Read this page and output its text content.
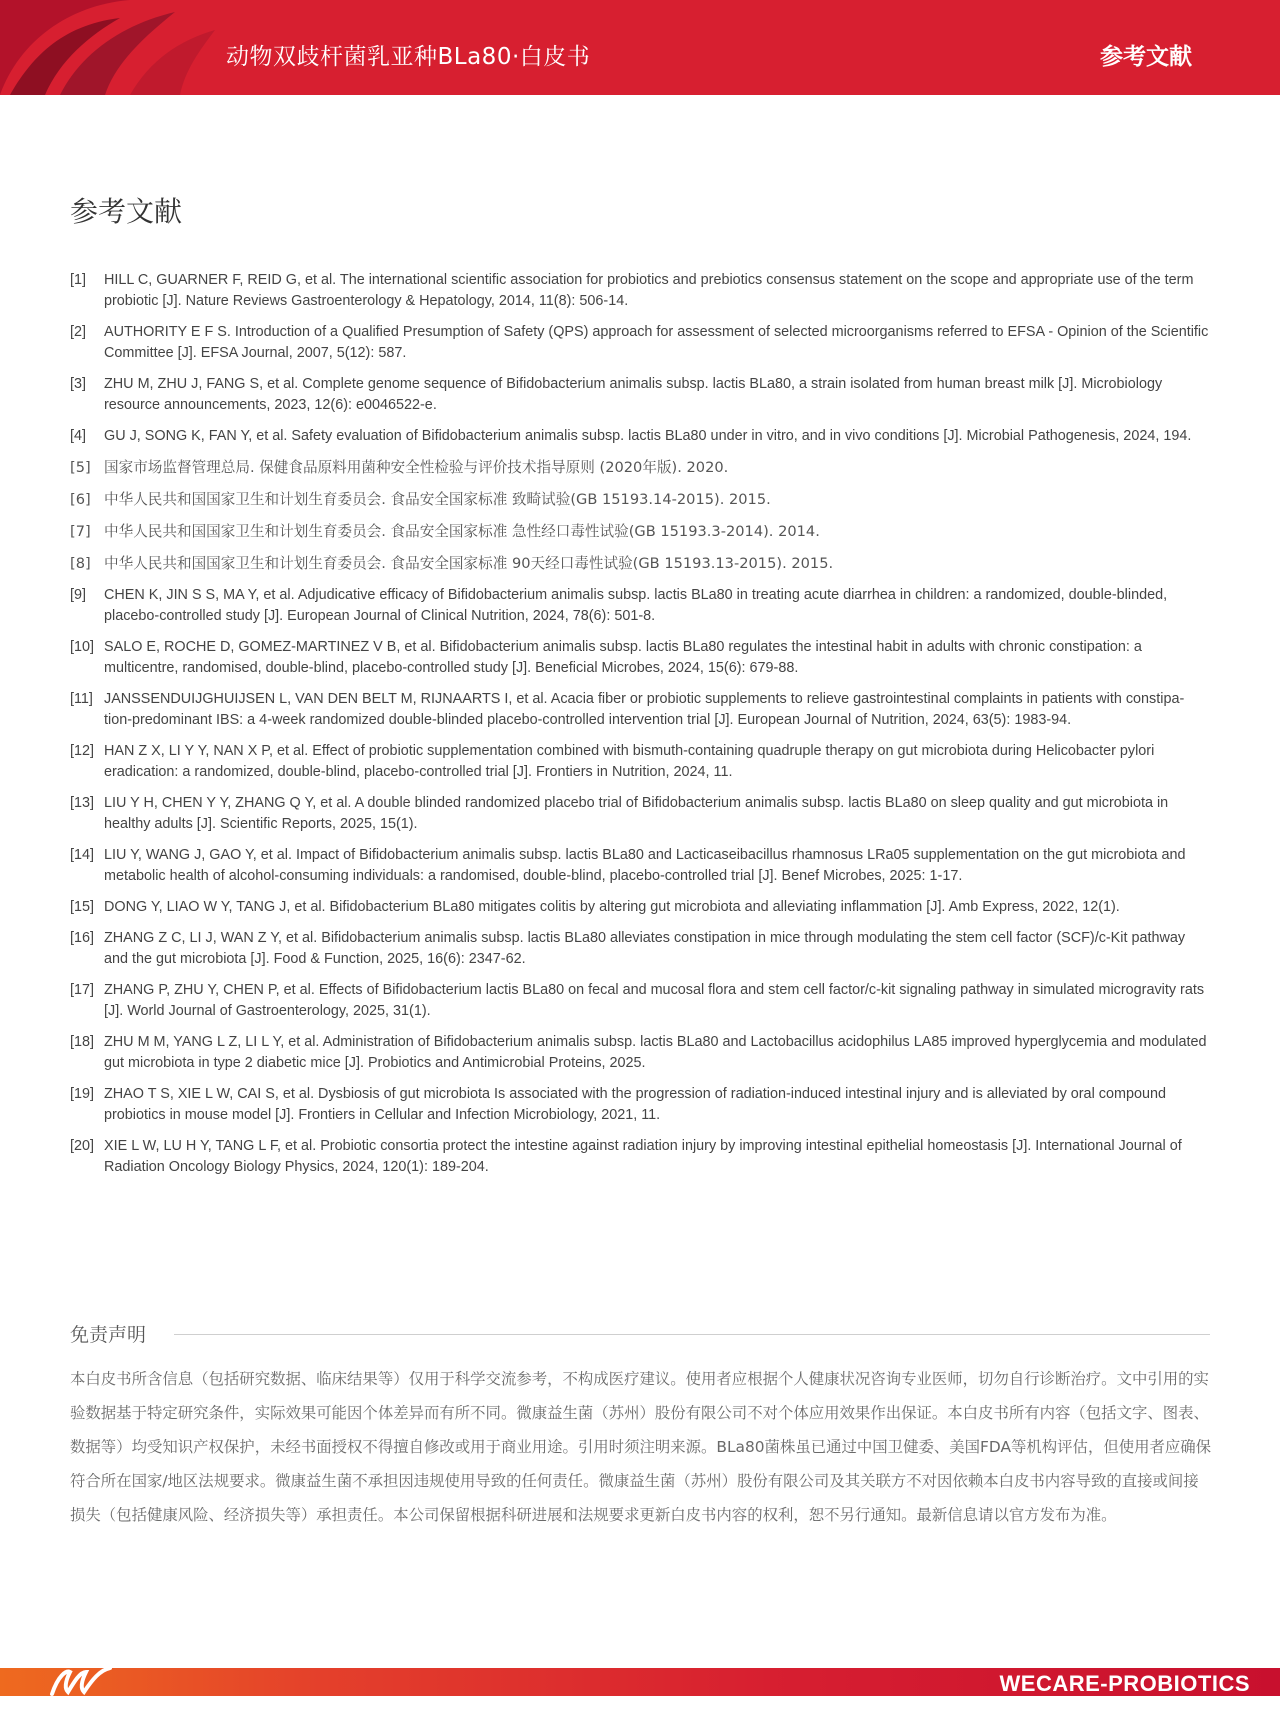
动物双歧杆菌乳亚种BLa80·白皮书	参考文献
参考文献
[1] HILL C, GUARNER F, REID G, et al. The international scientific association for probiotics and prebiotics consensus statement on the scope and appropriate use of the term probiotic [J]. Nature Reviews Gastroenterology & Hepatology, 2014, 11(8): 506-14.
[2] AUTHORITY E F S. Introduction of a Qualified Presumption of Safety (QPS) approach for assessment of selected microorganisms referred to EFSA - Opinion of the Scientific Committee [J]. EFSA Journal, 2007, 5(12): 587.
[3] ZHU M, ZHU J, FANG S, et al. Complete genome sequence of Bifidobacterium animalis subsp. lactis BLa80, a strain isolated from human breast milk [J]. Microbiology resource announcements, 2023, 12(6): e0046522-e.
[4] GU J, SONG K, FAN Y, et al. Safety evaluation of Bifidobacterium animalis subsp. lactis BLa80 under in vitro, and in vivo conditions [J]. Microbial Pathogenesis, 2024, 194.
[5] 国家市场监督管理总局. 保健食品原料用菌种安全性检验与评价技术指导原则 (2020年版). 2020.
[6] 中华人民共和国国家卫生和计划生育委员会. 食品安全国家标准 致畸试验(GB 15193.14-2015). 2015.
[7] 中华人民共和国国家卫生和计划生育委员会. 食品安全国家标准 急性经口毒性试验(GB 15193.3-2014). 2014.
[8] 中华人民共和国国家卫生和计划生育委员会. 食品安全国家标准 90天经口毒性试验(GB 15193.13-2015). 2015.
[9] CHEN K, JIN S S, MA Y, et al. Adjudicative efficacy of Bifidobacterium animalis subsp. lactis BLa80 in treating acute diarrhea in children: a randomized, double-blinded, placebo-controlled study [J]. European Journal of Clinical Nutrition, 2024, 78(6): 501-8.
[10] SALO E, ROCHE D, GOMEZ-MARTINEZ V B, et al. Bifidobacterium animalis subsp. lactis BLa80 regulates the intestinal habit in adults with chronic constipation: a multicentre, randomised, double-blind, placebo-controlled study [J]. Beneficial Microbes, 2024, 15(6): 679-88.
[11] JANSSENDUIJGHUIJSEN L, VAN DEN BELT M, RIJNAARTS I, et al. Acacia fiber or probiotic supplements to relieve gastrointestinal complaints in patients with constipa-tion-predominant IBS: a 4-week randomized double-blinded placebo-controlled intervention trial [J]. European Journal of Nutrition, 2024, 63(5): 1983-94.
[12] HAN Z X, LI Y Y, NAN X P, et al. Effect of probiotic supplementation combined with bismuth-containing quadruple therapy on gut microbiota during Helicobacter pylori eradication: a randomized, double-blind, placebo-controlled trial [J]. Frontiers in Nutrition, 2024, 11.
[13] LIU Y H, CHEN Y Y, ZHANG Q Y, et al. A double blinded randomized placebo trial of Bifidobacterium animalis subsp. lactis BLa80 on sleep quality and gut microbiota in healthy adults [J]. Scientific Reports, 2025, 15(1).
[14] LIU Y, WANG J, GAO Y, et al. Impact of Bifidobacterium animalis subsp. lactis BLa80 and Lacticaseibacillus rhamnosus LRa05 supplementation on the gut microbiota and metabolic health of alcohol-consuming individuals: a randomised, double-blind, placebo-controlled trial [J]. Benef Microbes, 2025: 1-17.
[15] DONG Y, LIAO W Y, TANG J, et al. Bifidobacterium BLa80 mitigates colitis by altering gut microbiota and alleviating inflammation [J]. Amb Express, 2022, 12(1).
[16] ZHANG Z C, LI J, WAN Z Y, et al. Bifidobacterium animalis subsp. lactis BLa80 alleviates constipation in mice through modulating the stem cell factor (SCF)/c-Kit pathway and the gut microbiota [J]. Food & Function, 2025, 16(6): 2347-62.
[17] ZHANG P, ZHU Y, CHEN P, et al. Effects of Bifidobacterium lactis BLa80 on fecal and mucosal flora and stem cell factor/c-kit signaling pathway in simulated microgravity rats [J]. World Journal of Gastroenterology, 2025, 31(1).
[18] ZHU M M, YANG L Z, LI L Y, et al. Administration of Bifidobacterium animalis subsp. lactis BLa80 and Lactobacillus acidophilus LA85 improved hyperglycemia and modulated gut microbiota in type 2 diabetic mice [J]. Probiotics and Antimicrobial Proteins, 2025.
[19] ZHAO T S, XIE L W, CAI S, et al. Dysbiosis of gut microbiota Is associated with the progression of radiation-induced intestinal injury and is alleviated by oral compound probiotics in mouse model [J]. Frontiers in Cellular and Infection Microbiology, 2021, 11.
[20] XIE L W, LU H Y, TANG L F, et al. Probiotic consortia protect the intestine against radiation injury by improving intestinal epithelial homeostasis [J]. International Journal of Radiation Oncology Biology Physics, 2024, 120(1): 189-204.
免责声明

本白皮书所含信息（包括研究数据、临床结果等）仅用于科学交流参考，不构成医疗建议。使用者应根据个人健康状况咨询专业医师，切勿自行诊断治疗。文中引用的实验数据基于特定研究条件，实际效果可能因个体差异而有所不同。微康益生菌（苏州）股份有限公司不对个体应用效果作出保证。本白皮书所有内容（包括文字、图表、数据等）均受知识产权保护，未经书面授权不得擅自修改或用于商业用途。引用时须注明来源。BLa80菌株虽已通过中国卫健委、美国FDA等机构评估，但使用者应确保符合所在国家/地区法规要求。微康益生菌不承担因违规使用导致的任何责任。微康益生菌（苏州）股份有限公司及其关联方不对因依赖本白皮书内容导致的直接或间接损失（包括健康风险、经济损失等）承担责任。本公司保留根据科研进展和法规要求更新白皮书内容的权利，恕不另行通知。最新信息请以官方发布为准。

WECARE-PROBIOTICS
